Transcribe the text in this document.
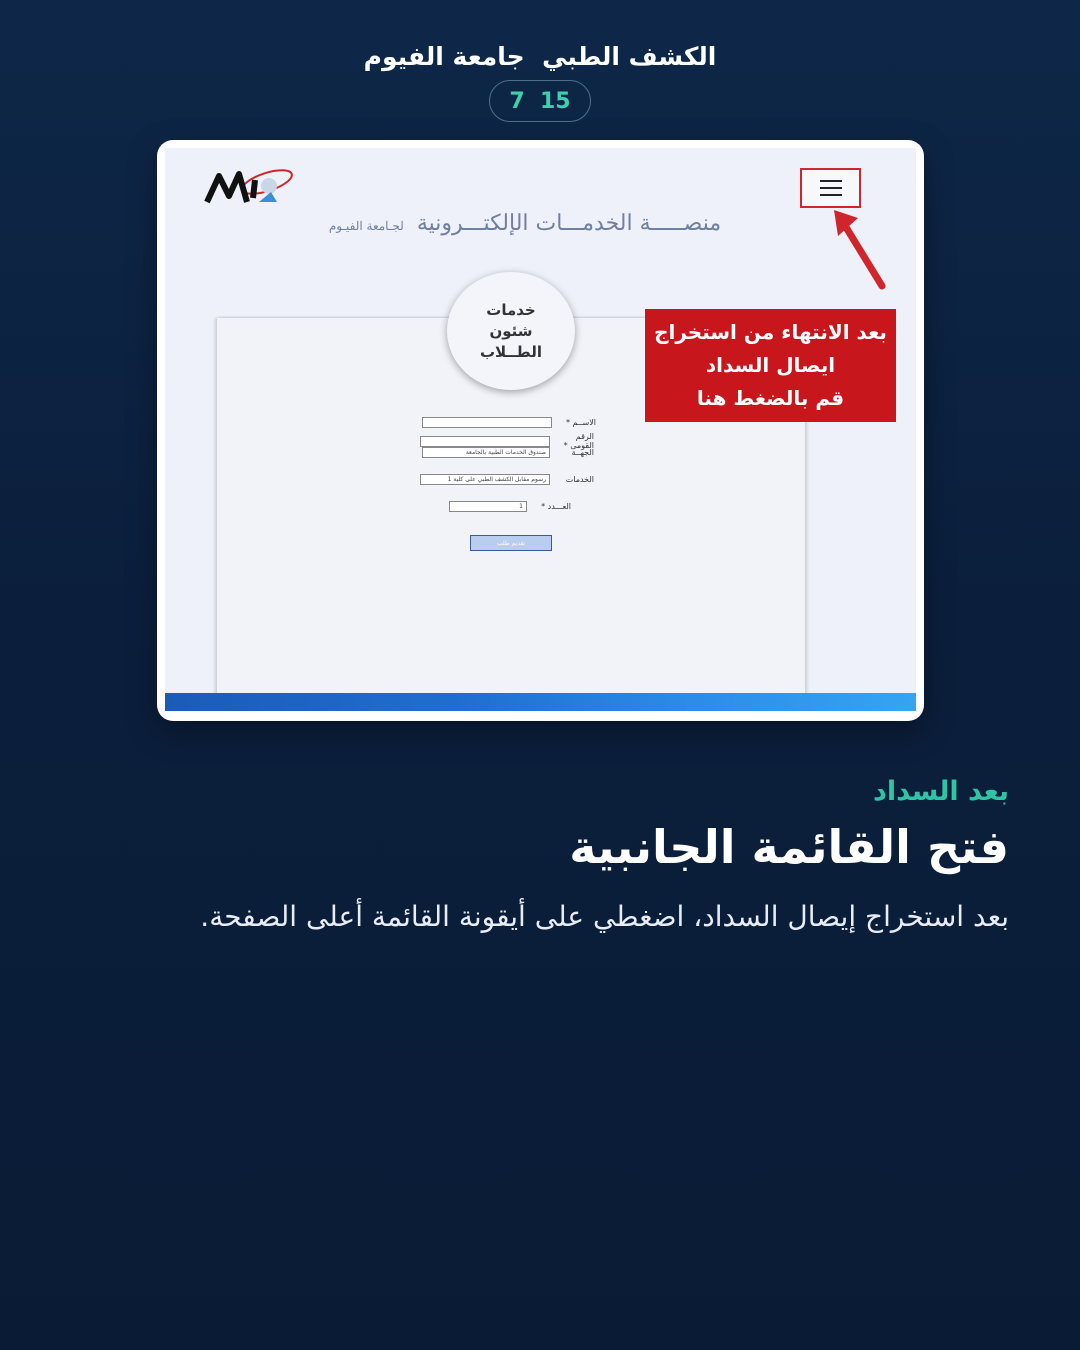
الكشف الطبي ￼ جامعة الفيوم
7 ￼ 15
منصـــــة الخدمـــات الإلكتـــرونية لجـامعة الفيـوم
خدمات شئون الطــلاب
الاســم *
الرقم القومى *
الجهــة
صندوق الخدمات الطبية بالجامعة
الخدمات
رسوم مقابل الكشف الطبي على كلية 1
العـــدد *
1
تقديم طلب
بعد الانتهاء من استخراج
ايصال السداد
قم بالضغط هنا
بعد السداد
فتح القائمة الجانبية
بعد استخراج إيصال السداد، اضغطي على أيقونة القائمة أعلى الصفحة.
